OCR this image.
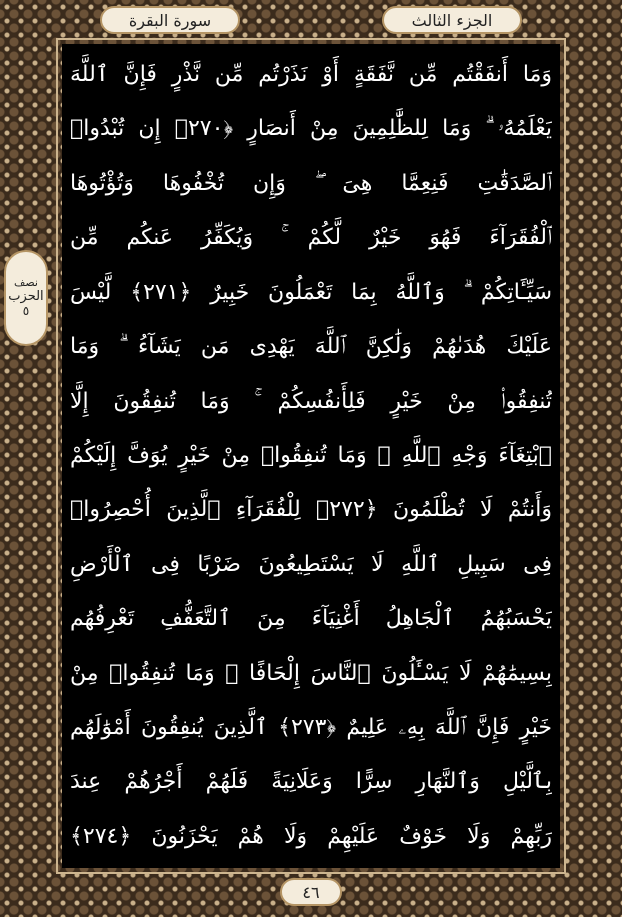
سورة البقرة	الجزء الثالث
نصف
الحزب
٥
وَمَا أَنفَقْتُم مِّن نَّفَقَةٍ أَوْ نَذَرْتُم مِّن نَّذْرٍ فَإِنَّ ٱللَّهَ
يَعْلَمُهُۥ ۗ وَمَا لِلظَّٰلِمِينَ مِنْ أَنصَارٍ ﴿٢٧٠﴾ إِن تُبْدُوا۟
ٱلصَّدَقَٰتِ فَنِعِمَّا هِىَ ۖ وَإِن تُخْفُوهَا وَتُؤْتُوهَا
ٱلْفُقَرَآءَ فَهُوَ خَيْرٌ لَّكُمْ ۚ وَيُكَفِّرُ عَنكُم مِّن
سَيِّـَٔاتِكُمْ ۗ وَٱللَّهُ بِمَا تَعْمَلُونَ خَبِيرٌ ﴿٢٧١﴾ لَّيْسَ
عَلَيْكَ هُدَىٰهُمْ وَلَٰكِنَّ ٱللَّهَ يَهْدِى مَن يَشَآءُ ۗ وَمَا
تُنفِقُوا۟ مِنْ خَيْرٍ فَلِأَنفُسِكُمْ ۚ وَمَا تُنفِقُونَ إِلَّا
ٱبْتِغَآءَ وَجْهِ ٱللَّهِ ۚ وَمَا تُنفِقُوا۟ مِنْ خَيْرٍ يُوَفَّ إِلَيْكُمْ
وَأَنتُمْ لَا تُظْلَمُونَ ﴿٢٧٢﴾ لِلْفُقَرَآءِ ٱلَّذِينَ أُحْصِرُوا۟
فِى سَبِيلِ ٱللَّهِ لَا يَسْتَطِيعُونَ ضَرْبًا فِى ٱلْأَرْضِ
يَحْسَبُهُمُ ٱلْجَاهِلُ أَغْنِيَآءَ مِنَ ٱلتَّعَفُّفِ تَعْرِفُهُم
بِسِيمَٰهُمْ لَا يَسْـَٔلُونَ ٱلنَّاسَ إِلْحَافًا ۗ وَمَا تُنفِقُوا۟ مِنْ
خَيْرٍ فَإِنَّ ٱللَّهَ بِهِۦ عَلِيمٌ ﴿٢٧٣﴾ ٱلَّذِينَ يُنفِقُونَ أَمْوَٰلَهُم
بِٱلَّيْلِ وَٱلنَّهَارِ سِرًّا وَعَلَانِيَةً فَلَهُمْ أَجْرُهُمْ عِندَ
رَبِّهِمْ وَلَا خَوْفٌ عَلَيْهِمْ وَلَا هُمْ يَحْزَنُونَ ﴿٢٧٤﴾
٤٦
